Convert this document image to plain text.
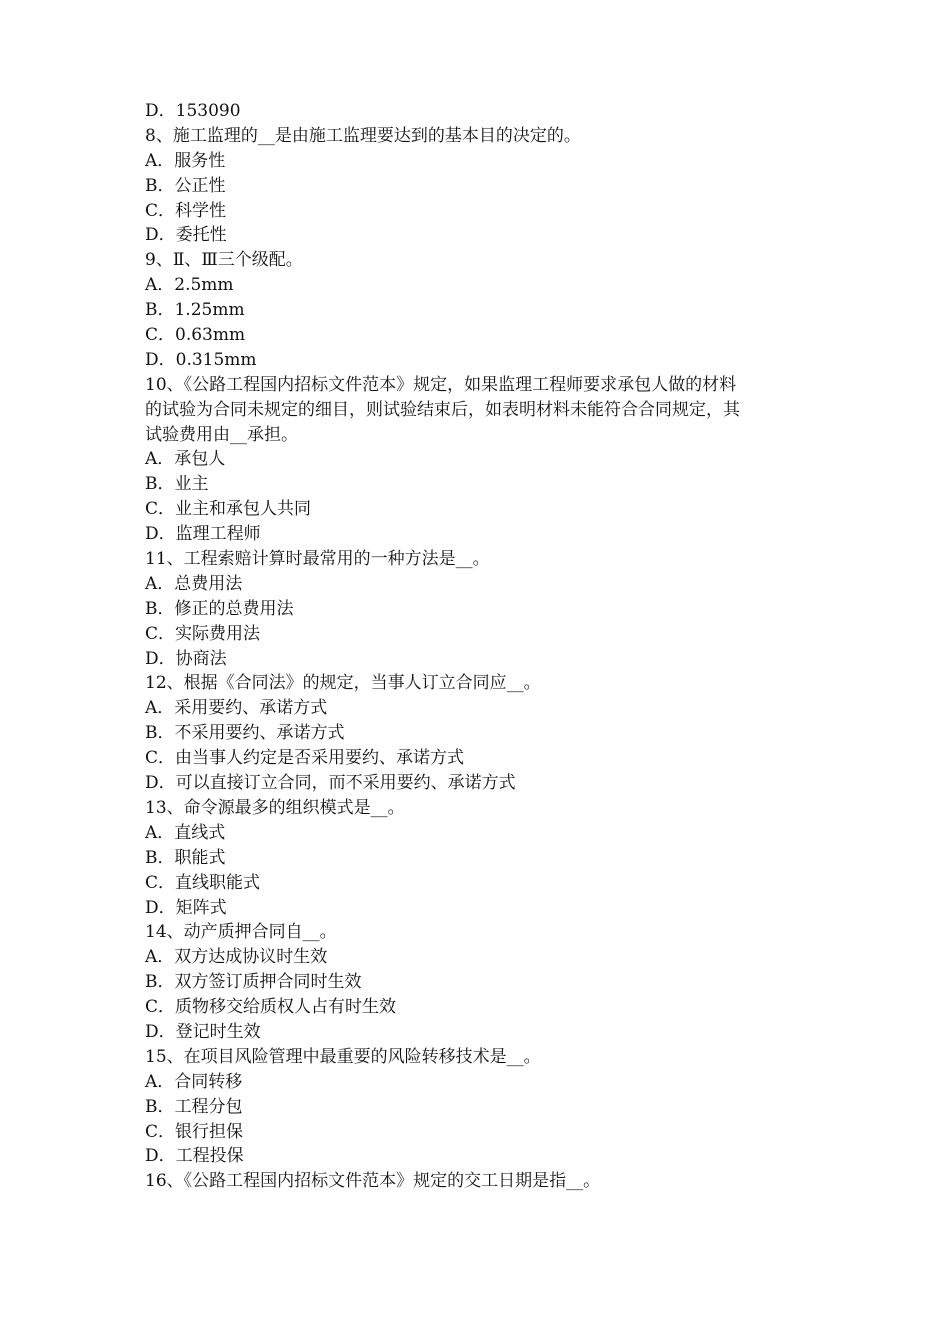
D．153090
8、施工监理的__是由施工监理要达到的基本目的决定的。
A．服务性
B．公正性
C．科学性
D．委托性
9、Ⅱ、Ⅲ三个级配。
A．2.5mm
B．1.25mm
C．0.63mm
D．0.315mm
10、《公路工程国内招标文件范本》规定，如果监理工程师要求承包人做的材料
的试验为合同未规定的细目，则试验结束后，如表明材料未能符合合同规定，其
试验费用由__承担。
A．承包人
B．业主
C．业主和承包人共同
D．监理工程师
11、工程索赔计算时最常用的一种方法是__。
A．总费用法
B．修正的总费用法
C．实际费用法
D．协商法
12、根据《合同法》的规定，当事人订立合同应__。
A．采用要约、承诺方式
B．不采用要约、承诺方式
C．由当事人约定是否采用要约、承诺方式
D．可以直接订立合同，而不采用要约、承诺方式
13、命令源最多的组织模式是__。
A．直线式
B．职能式
C．直线职能式
D．矩阵式
14、动产质押合同自__。
A．双方达成协议时生效
B．双方签订质押合同时生效
C．质物移交给质权人占有时生效
D．登记时生效
15、在项目风险管理中最重要的风险转移技术是__。
A．合同转移
B．工程分包
C．银行担保
D．工程投保
16、《公路工程国内招标文件范本》规定的交工日期是指__。
